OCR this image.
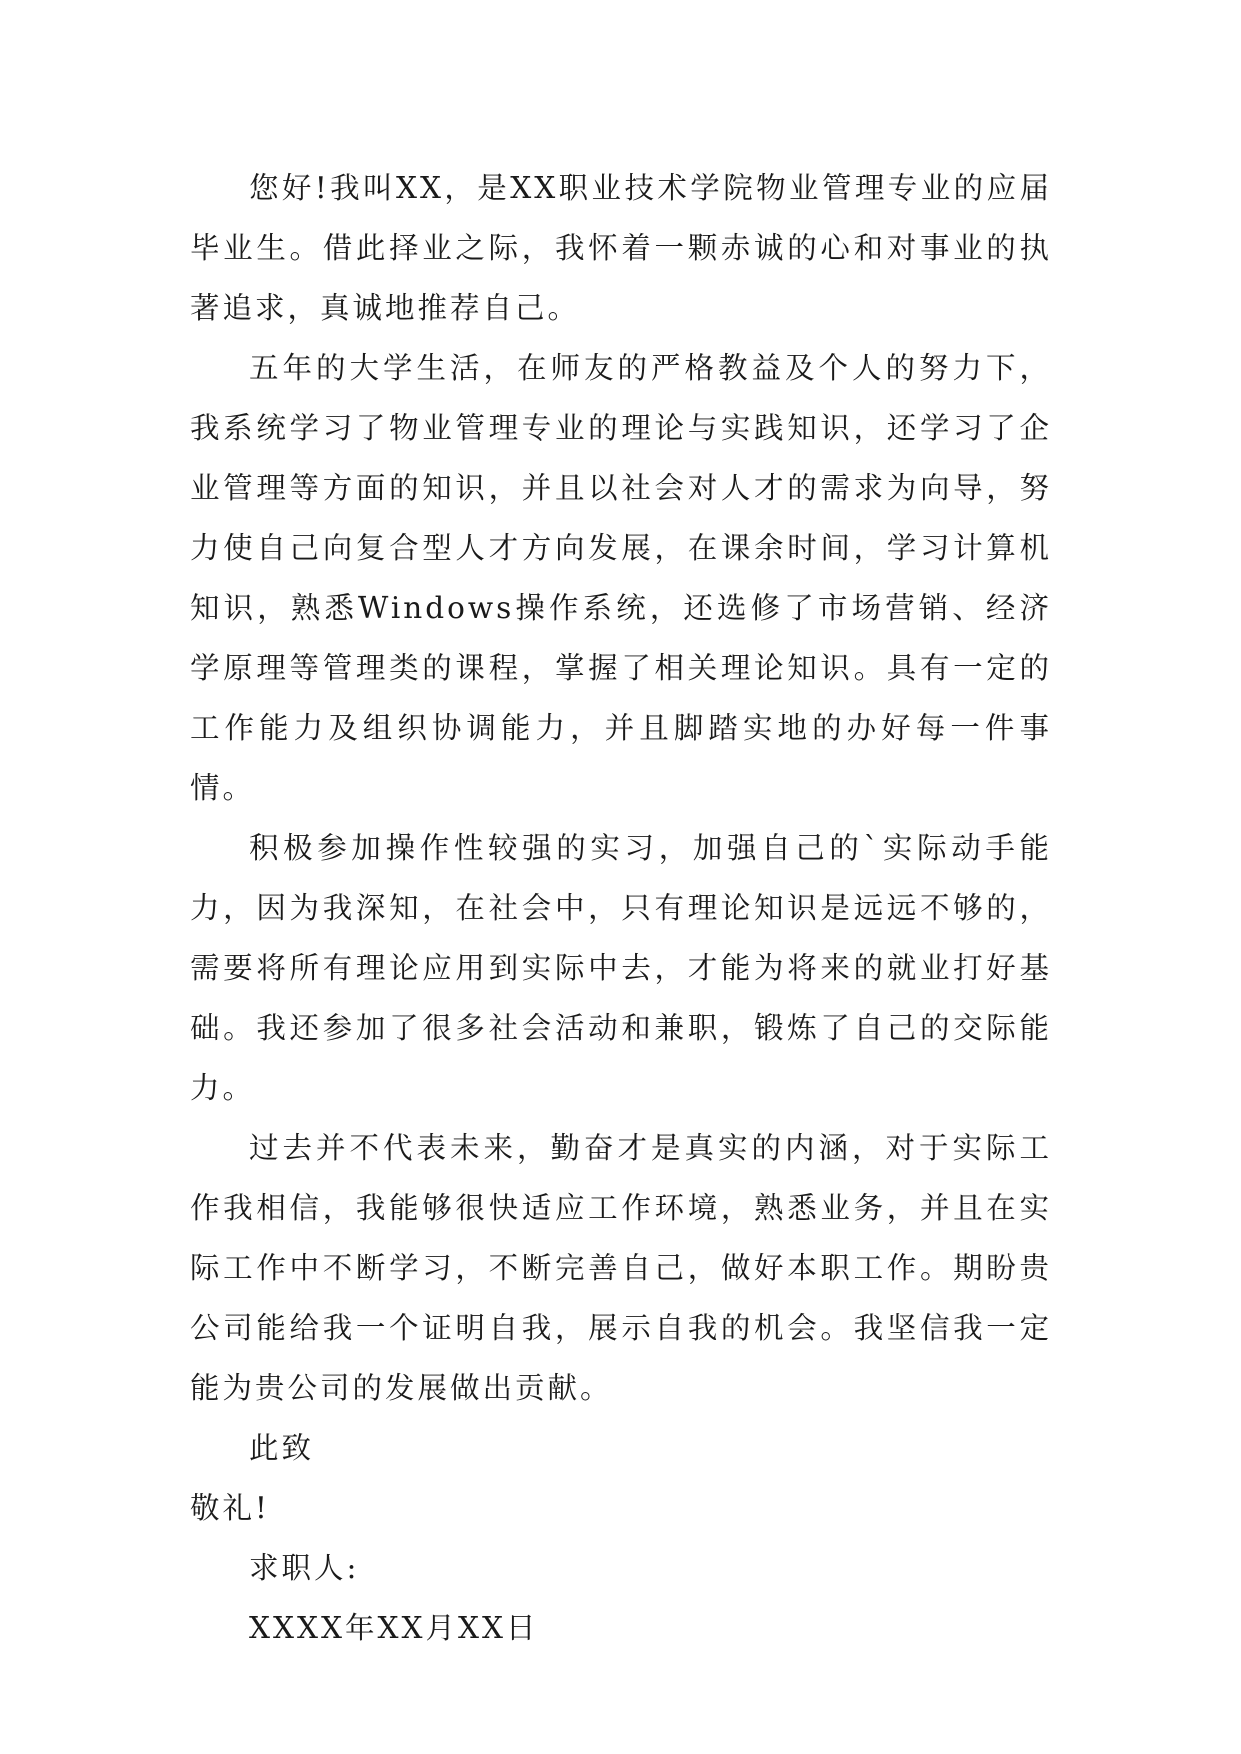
您好!我叫XX，是XX职业技术学院物业管理专业的应届毕业生。借此择业之际，我怀着一颗赤诚的心和对事业的执著追求，真诚地推荐自己。

五年的大学生活，在师友的严格教益及个人的努力下，我系统学习了物业管理专业的理论与实践知识，还学习了企业管理等方面的知识，并且以社会对人才的需求为向导，努力使自己向复合型人才方向发展，在课余时间，学习计算机知识，熟悉Windows操作系统，还选修了市场营销、经济学原理等管理类的课程，掌握了相关理论知识。具有一定的工作能力及组织协调能力，并且脚踏实地的办好每一件事情。

积极参加操作性较强的实习，加强自己的`实际动手能力，因为我深知，在社会中，只有理论知识是远远不够的，需要将所有理论应用到实际中去，才能为将来的就业打好基础。我还参加了很多社会活动和兼职，锻炼了自己的交际能力。

过去并不代表未来，勤奋才是真实的内涵，对于实际工作我相信，我能够很快适应工作环境，熟悉业务，并且在实际工作中不断学习，不断完善自己，做好本职工作。期盼贵公司能给我一个证明自我，展示自我的机会。我坚信我一定能为贵公司的发展做出贡献。

此致

敬礼!

求职人:

XXXX年XX月XX日
